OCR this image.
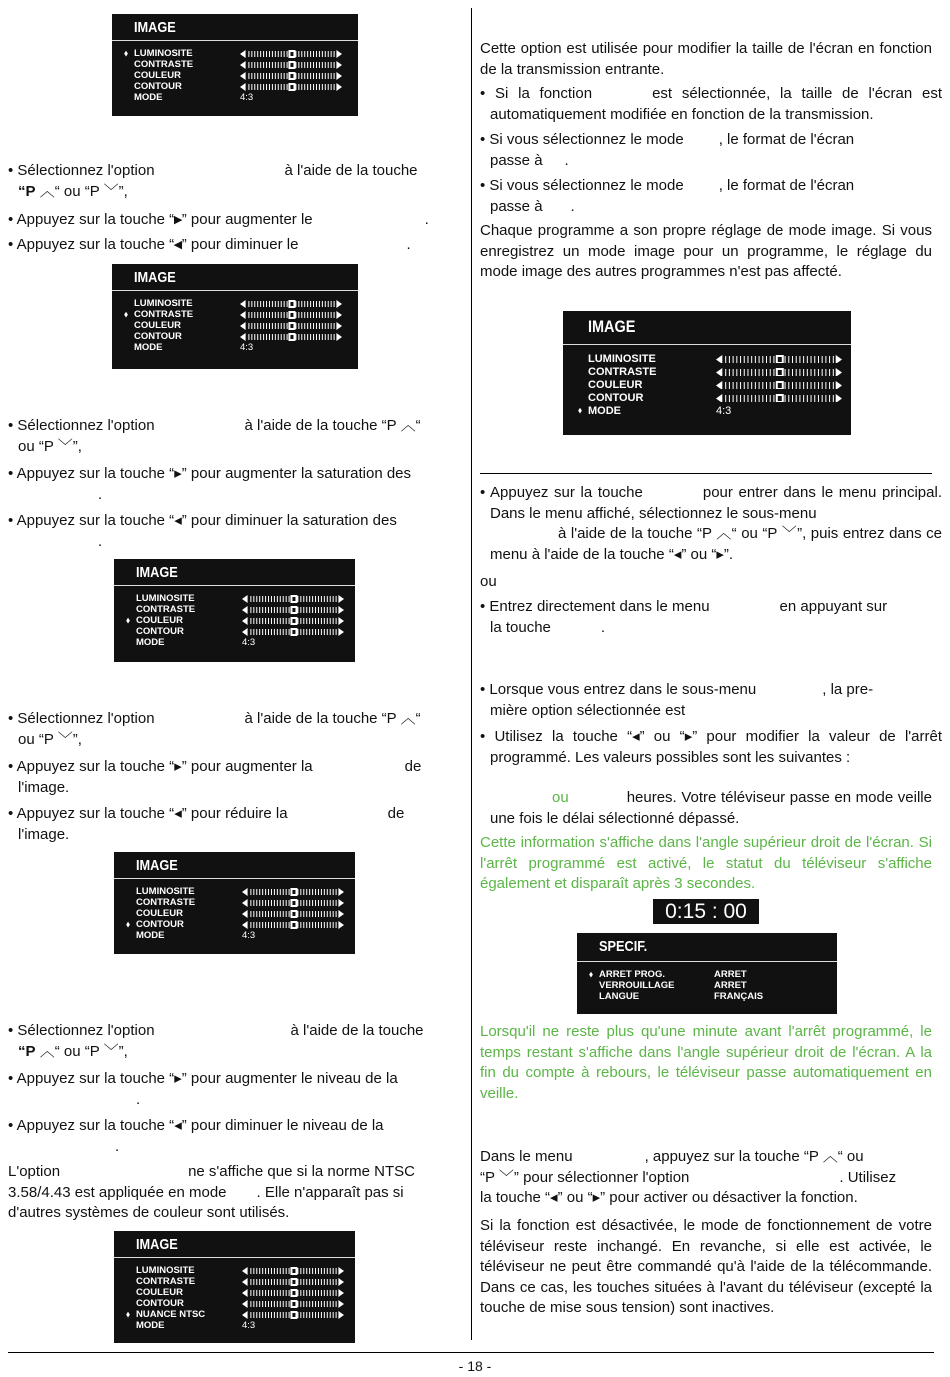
IMAGE
LUMINOSITE
⬧
CONTRASTE
COULEUR
CONTOUR
MODE	4:3

• Sélectionnez l'option	à l'aide de la touche
“P ︿“ ou “P ﹀”,

• Appuyez sur la touche “▸” pour augmenter le	.

• Appuyez sur la touche “◂” pour diminuer le	.

IMAGE
LUMINOSITE
CONTRASTE
⬧
COULEUR
CONTOUR
MODE	4:3

• Sélectionnez l'option	à l'aide de la touche “P ︿“
ou “P ﹀”,

• Appuyez sur la touche “▸” pour augmenter la saturation des
.

• Appuyez sur la touche “◂” pour diminuer la saturation des
.

IMAGE
LUMINOSITE
CONTRASTE
COULEUR
⬧
CONTOUR
MODE	4:3

• Sélectionnez l'option	à l'aide de la touche “P ︿“
ou “P ﹀”,

• Appuyez sur la touche “▸” pour augmenter la	de
l'image.

• Appuyez sur la touche “◂” pour réduire la	de
l'image.

IMAGE
LUMINOSITE
CONTRASTE
COULEUR
CONTOUR
⬧
MODE	4:3

• Sélectionnez l'option	à l'aide de la touche
“P ︿“ ou “P ﹀”,

• Appuyez sur la touche “▸” pour augmenter le niveau de la
.

• Appuyez sur la touche “◂” pour diminuer le niveau de la
.

L'option	ne s'affiche que si la norme NTSC
3.58/4.43 est appliquée en mode . Elle n'apparaît pas si
d'autres systèmes de couleur sont utilisés.

IMAGE
LUMINOSITE
CONTRASTE
COULEUR
CONTOUR
NUANCE NTSC
⬧
MODE	4:3

Cette option est utilisée pour modifier la taille de l'écran en fonction de la transmission entrante.

• Si la fonction	est sélectionnée, la taille de l'écran est automatiquement modifiée en fonction de la transmission.

• Si vous sélectionnez le mode , le format de l'écran
passe à .

• Si vous sélectionnez le mode , le format de l'écran
passe à .

Chaque programme a son propre réglage de mode image. Si vous enregistrez un mode image pour un programme, le réglage du mode image des autres programmes n'est pas affecté.

IMAGE
LUMINOSITE
CONTRASTE
COULEUR
CONTOUR
MODE
⬧	4:3

• Appuyez sur la touche	pour entrer dans le menu principal. Dans le menu affiché, sélectionnez le sous-menu
à l'aide de la touche “P ︿“ ou “P ﹀”, puis entrez dans ce menu à l'aide de la touche “◂” ou “▸”.

ou

• Entrez directement dans le menu	en appuyant sur
la touche	.

• Lorsque vous entrez dans le sous-menu	, la pre-
mière option sélectionnée est

• Utilisez la touche “◂” ou “▸” pour modifier la valeur de l'arrêt programmé. Les valeurs possibles sont les suivantes :

ou	heures. Votre téléviseur passe en mode veille une fois le délai sélectionné dépassé.

Cette information s'affiche dans l'angle supérieur droit de l'écran. Si l'arrêt programmé est activé, le statut du téléviseur s'affiche également et disparaît après 3 secondes.

0:15 : 00
SPECIF.
⬧ ARRET PROG.	ARRET
VERROUILLAGE	ARRET
LANGUE	FRANÇAIS

Lorsqu'il ne reste plus qu'une minute avant l'arrêt programmé, le temps restant s'affiche dans l'angle supérieur droit de l'écran. A la fin du compte à rebours, le téléviseur passe automatiquement en veille.

Dans le menu	, appuyez sur la touche “P ︿“ ou
“P ﹀” pour sélectionner l'option	. Utilisez
la touche “◂” ou “▸” pour activer ou désactiver la fonction.

Si la fonction est désactivée, le mode de fonctionnement de votre téléviseur reste inchangé. En revanche, si elle est activée, le téléviseur ne peut être commandé qu'à l'aide de la télécommande. Dans ce cas, les touches situées à l'avant du téléviseur (excepté la touche de mise sous tension) sont inactives.

- 18 -
